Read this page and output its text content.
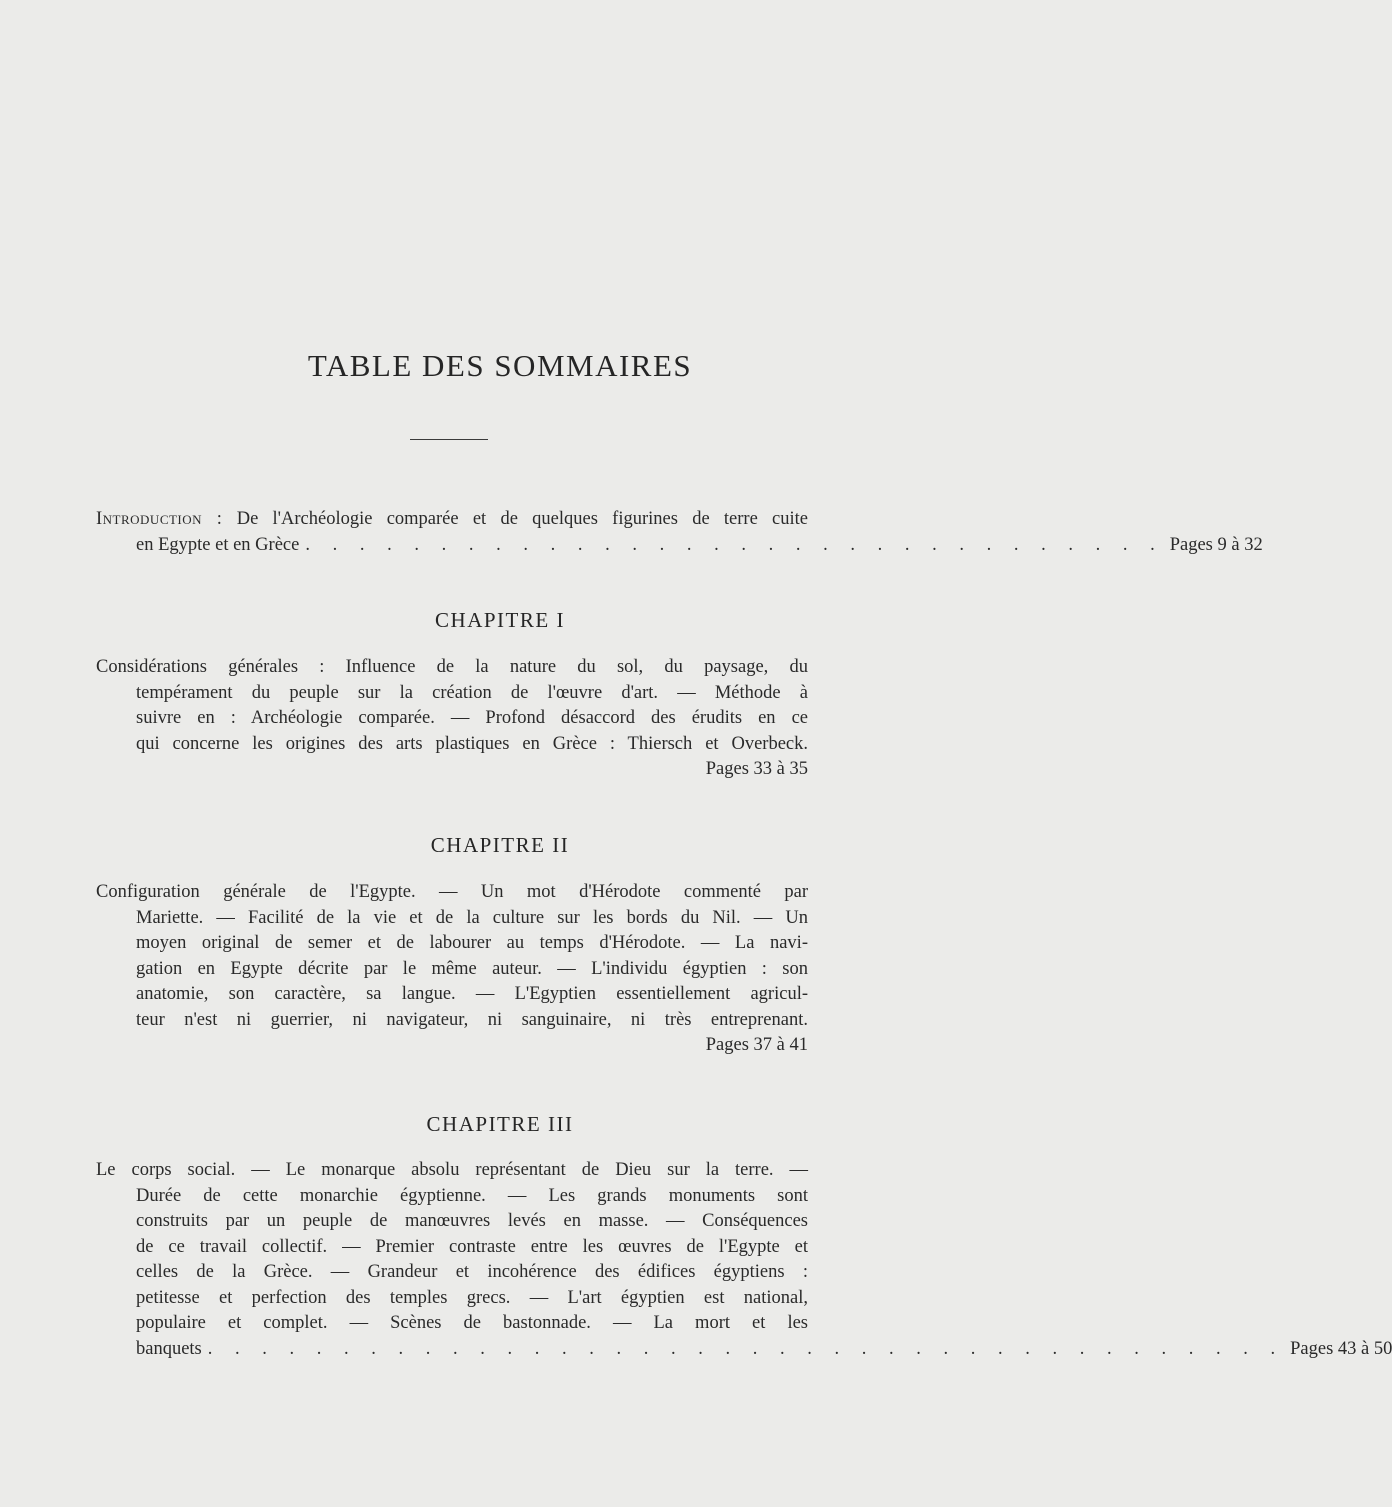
TABLE DES SOMMAIRES
Introduction : De l'Archéologie comparée et de quelques figurines de terre cuite
en Egypte et en Grèce . . . . . . . . . . . . . . . . . . . . . . . . . . . . . . . . Pages 9 à 32
CHAPITRE I
Considérations générales : Influence de la nature du sol, du paysage, du
tempérament du peuple sur la création de l'œuvre d'art. — Méthode à
suivre en : Archéologie comparée. — Profond désaccord des érudits en ce
qui concerne les origines des arts plastiques en Grèce : Thiersch et Overbeck.
Pages 33 à 35
CHAPITRE II
Configuration générale de l'Egypte. — Un mot d'Hérodote commenté par
Mariette. — Facilité de la vie et de la culture sur les bords du Nil. — Un
moyen original de semer et de labourer au temps d'Hérodote. — La navi-
gation en Egypte décrite par le même auteur. — L'individu égyptien : son
anatomie, son caractère, sa langue. — L'Egyptien essentiellement agricul-
teur n'est ni guerrier, ni navigateur, ni sanguinaire, ni très entreprenant.
Pages 37 à 41
CHAPITRE III
Le corps social. — Le monarque absolu représentant de Dieu sur la terre. —
Durée de cette monarchie égyptienne. — Les grands monuments sont
construits par un peuple de manœuvres levés en masse. — Conséquences
de ce travail collectif. — Premier contraste entre les œuvres de l'Egypte et
celles de la Grèce. — Grandeur et incohérence des édifices égyptiens :
petitesse et perfection des temples grecs. — L'art égyptien est national,
populaire et complet. — Scènes de bastonnade. — La mort et les
banquets . . . . . . . . . . . . . . . . . . . . . . . . . . . . . . . . . . . . . . . . Pages 43 à 50
